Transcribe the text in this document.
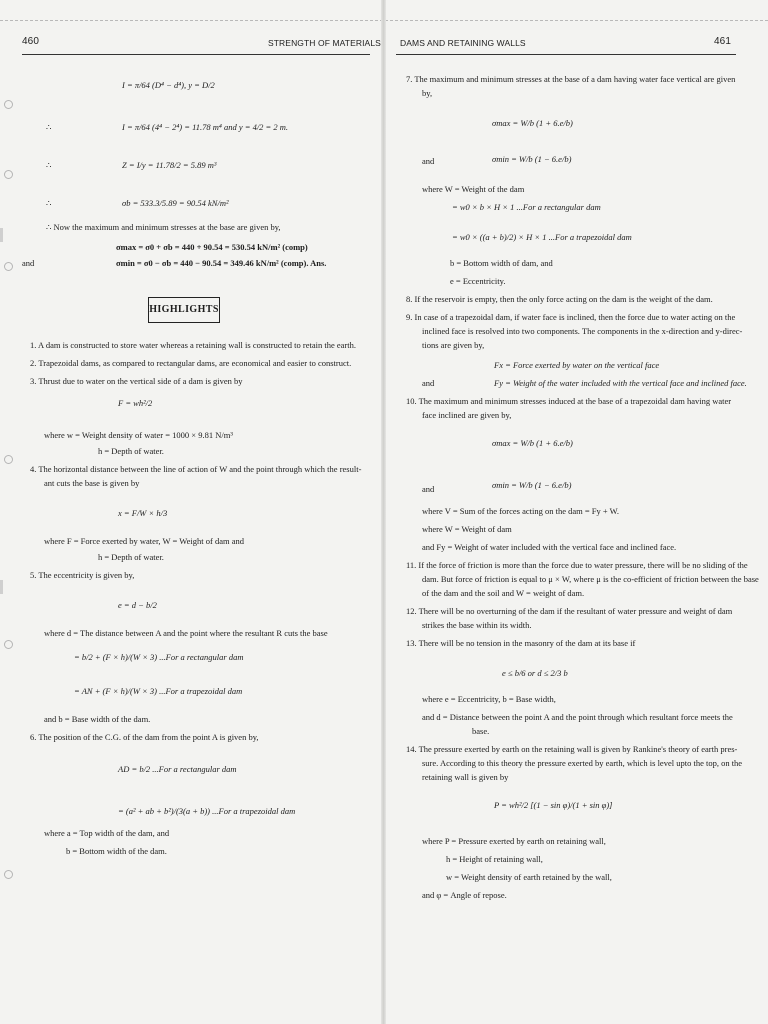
460	STRENGTH OF MATERIALS
I = π/64 (D⁴ − d⁴), y = D/2
∴	I = π/64 (4⁴ − 2⁴) = 11.78 m⁴ and y = 4/2 = 2 m.
∴	Z = I/y = 11.78/2 = 5.89 m³
∴	σb = 533.3/5.89 = 90.54 kN/m²
∴ Now the maximum and minimum stresses at the base are given by,
σmax = σ0 + σb = 440 + 90.54 = 530.54 kN/m² (comp)
and	σmin = σ0 − σb = 440 − 90.54 = 349.46 kN/m² (comp). Ans.
HIGHLIGHTS
1. A dam is constructed to store water whereas a retaining wall is constructed to retain the earth.
2. Trapezoidal dams, as compared to rectangular dams, are economical and easier to construct.
3. Thrust due to water on the vertical side of a dam is given by
F = wh²/2
where w = Weight density of water = 1000 × 9.81 N/m³
h = Depth of water.
4. The horizontal distance between the line of action of W and the point through which the result-
ant cuts the base is given by
x = F/W × h/3
where F = Force exerted by water, W = Weight of dam and
h = Depth of water.
5. The eccentricity is given by,
e = d − b/2
where d = The distance between A and the point where the resultant R cuts the base
= b/2 + (F × h)/(W × 3) ...For a rectangular dam
= AN + (F × h)/(W × 3) ...For a trapezoidal dam
and b = Base width of the dam.
6. The position of the C.G. of the dam from the point A is given by,
AD = b/2 ...For a rectangular dam
= (a² + ab + b²)/(3(a + b)) ...For a trapezoidal dam
where a = Top width of the dam, and
b = Bottom width of the dam.
DAMS AND RETAINING WALLS	461
7. The maximum and minimum stresses at the base of a dam having water face vertical are given
by,
σmax = W/b (1 + 6.e/b)
and	σmin = W/b (1 − 6.e/b)
where W = Weight of the dam
= w0 × b × H × 1 ...For a rectangular dam
= w0 × ((a + b)/2) × H × 1 ...For a trapezoidal dam
b = Bottom width of dam, and
e = Eccentricity.
8. If the reservoir is empty, then the only force acting on the dam is the weight of the dam.
9. In case of a trapezoidal dam, if water face is inclined, then the force due to water acting on the
inclined face is resolved into two components. The components in the x-direction and y-direc-
tions are given by,
Fx = Force exerted by water on the vertical face
and	Fy = Weight of the water included with the vertical face and inclined face.
10. The maximum and minimum stresses induced at the base of a trapezoidal dam having water
face inclined are given by,
σmax = W/b (1 + 6.e/b)
and	σmin = W/b (1 − 6.e/b)
where V = Sum of the forces acting on the dam = Fy + W.
where W = Weight of dam
and Fy = Weight of water included with the vertical face and inclined face.
11. If the force of friction is more than the force due to water pressure, there will be no sliding of the
dam. But force of friction is equal to μ × W, where μ is the co-efficient of friction between the base
of the dam and the soil and W = weight of dam.
12. There will be no overturning of the dam if the resultant of water pressure and weight of dam
strikes the base within its width.
13. There will be no tension in the masonry of the dam at its base if
e ≤ b/6 or d ≤ 2/3 b
where e = Eccentricity, b = Base width,
and d = Distance between the point A and the point through which resultant force meets the
base.
14. The pressure exerted by earth on the retaining wall is given by Rankine's theory of earth pres-
sure. According to this theory the pressure exerted by earth, which is level upto the top, on the
retaining wall is given by
P = wh²/2 [(1 − sin φ)/(1 + sin φ)]
where P = Pressure exerted by earth on retaining wall,
h = Height of retaining wall,
w = Weight density of earth retained by the wall,
and φ = Angle of repose.
